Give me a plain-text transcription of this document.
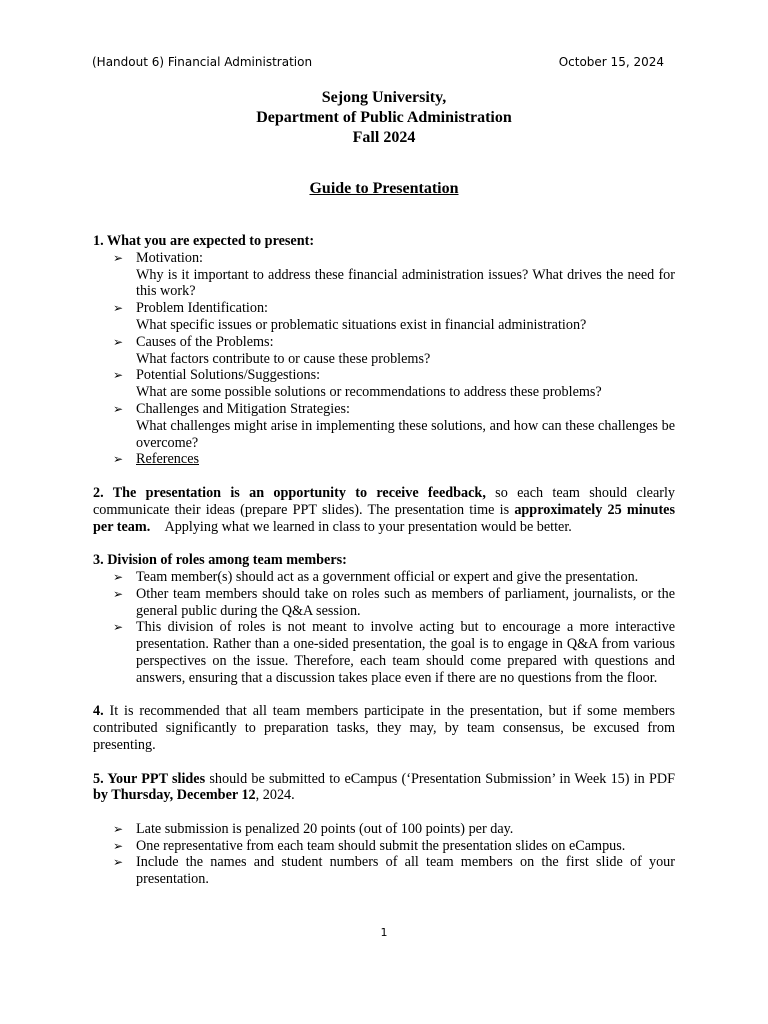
(Handout 6) Financial Administration	October 15, 2024
Sejong University,
Department of Public Administration
Fall 2024
Guide to Presentation

1. What you are expected to present:

➢ Motivation:
Why is it important to address these financial administration issues? What drives the need for this work?
➢ Problem Identification:
What specific issues or problematic situations exist in financial administration?
➢ Causes of the Problems:
What factors contribute to or cause these problems?
➢ Potential Solutions/Suggestions:
What are some possible solutions or recommendations to address these problems?
➢ Challenges and Mitigation Strategies:
What challenges might arise in implementing these solutions, and how can these challenges be overcome?
➢ References

2. The presentation is an opportunity to receive feedback, so each team should clearly communicate their ideas (prepare PPT slides). The presentation time is approximately 25 minutes per team.    Applying what we learned in class to your presentation would be better.

3. Division of roles among team members:

➢ Team member(s) should act as a government official or expert and give the presentation.
➢ Other team members should take on roles such as members of parliament, journalists, or the general public during the Q&A session.
➢ This division of roles is not meant to involve acting but to encourage a more interactive presentation. Rather than a one-sided presentation, the goal is to engage in Q&A from various perspectives on the issue. Therefore, each team should come prepared with questions and answers, ensuring that a discussion takes place even if there are no questions from the floor.

4. It is recommended that all team members participate in the presentation, but if some members contributed significantly to preparation tasks, they may, by team consensus, be excused from presenting.

5. Your PPT slides should be submitted to eCampus (‘Presentation Submission’ in Week 15) in PDF by Thursday, December 12, 2024.

➢ Late submission is penalized 20 points (out of 100 points) per day.
➢ One representative from each team should submit the presentation slides on eCampus.
➢ Include the names and student numbers of all team members on the first slide of your presentation.
1
